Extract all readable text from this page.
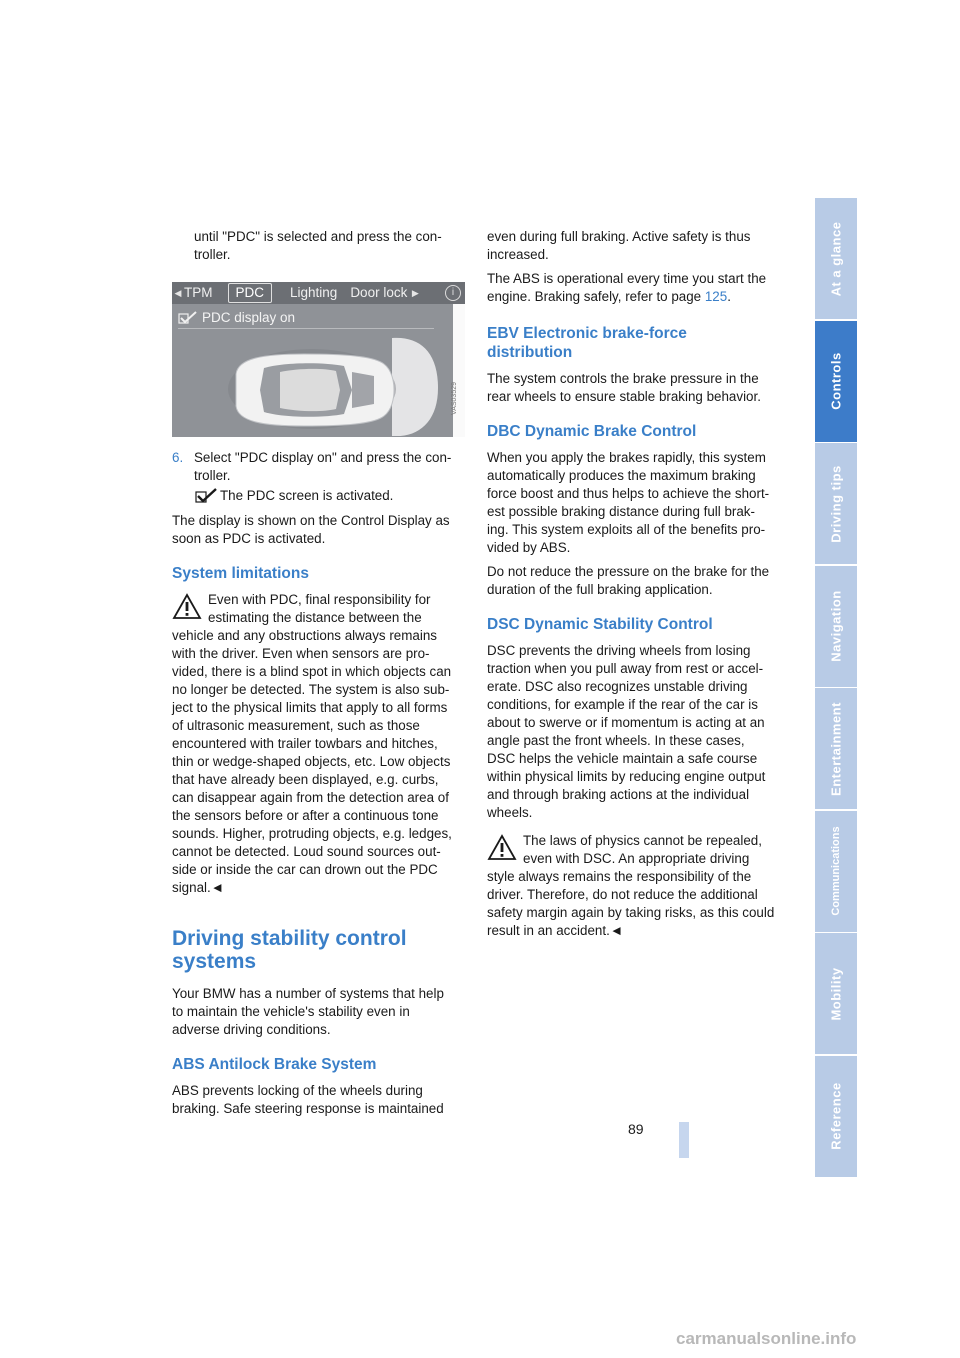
until "PDC" is selected and press the con-
troller.
◀ TPM	PDC	Lighting Door lock ▶	i
PDC display on
VAS03529
6. Select "PDC display on" and press the con-
troller.
The PDC screen is activated.
The display is shown on the Control Display as
soon as PDC is activated.
System limitations
Even with PDC, final responsibility for
estimating the distance between the
vehicle and any obstructions always remains
with the driver. Even when sensors are pro-
vided, there is a blind spot in which objects can
no longer be detected. The system is also sub-
ject to the physical limits that apply to all forms
of ultrasonic measurement, such as those
encountered with trailer towbars and hitches,
thin or wedge-shaped objects, etc. Low objects
that have already been displayed, e.g. curbs,
can disappear again from the detection area of
the sensors before or after a continuous tone
sounds. Higher, protruding objects, e.g. ledges,
cannot be detected. Loud sound sources out-
side or inside the car can drown out the PDC
signal.◄
Driving stability control
systems
Your BMW has a number of systems that help
to maintain the vehicle's stability even in
adverse driving conditions.
ABS Antilock Brake System
ABS prevents locking of the wheels during
braking. Safe steering response is maintained
even during full braking. Active safety is thus
increased.
The ABS is operational every time you start the
engine. Braking safely, refer to page 125.
EBV Electronic brake-force
distribution
The system controls the brake pressure in the
rear wheels to ensure stable braking behavior.
DBC Dynamic Brake Control
When you apply the brakes rapidly, this system
automatically produces the maximum braking
force boost and thus helps to achieve the short-
est possible braking distance during full brak-
ing. This system exploits all of the benefits pro-
vided by ABS.
Do not reduce the pressure on the brake for the
duration of the full braking application.
DSC Dynamic Stability Control
DSC prevents the driving wheels from losing
traction when you pull away from rest or accel-
erate. DSC also recognizes unstable driving
conditions, for example if the rear of the car is
about to swerve or if momentum is acting at an
angle past the front wheels. In these cases,
DSC helps the vehicle maintain a safe course
within physical limits by reducing engine output
and through braking actions at the individual
wheels.
The laws of physics cannot be repealed,
even with DSC. An appropriate driving
style always remains the responsibility of the
driver. Therefore, do not reduce the additional
safety margin again by taking risks, as this could
result in an accident.◄
At a glance
Controls
Driving tips
Navigation
Entertainment
Communications
Mobility
Reference
89
carmanualsonline.info
